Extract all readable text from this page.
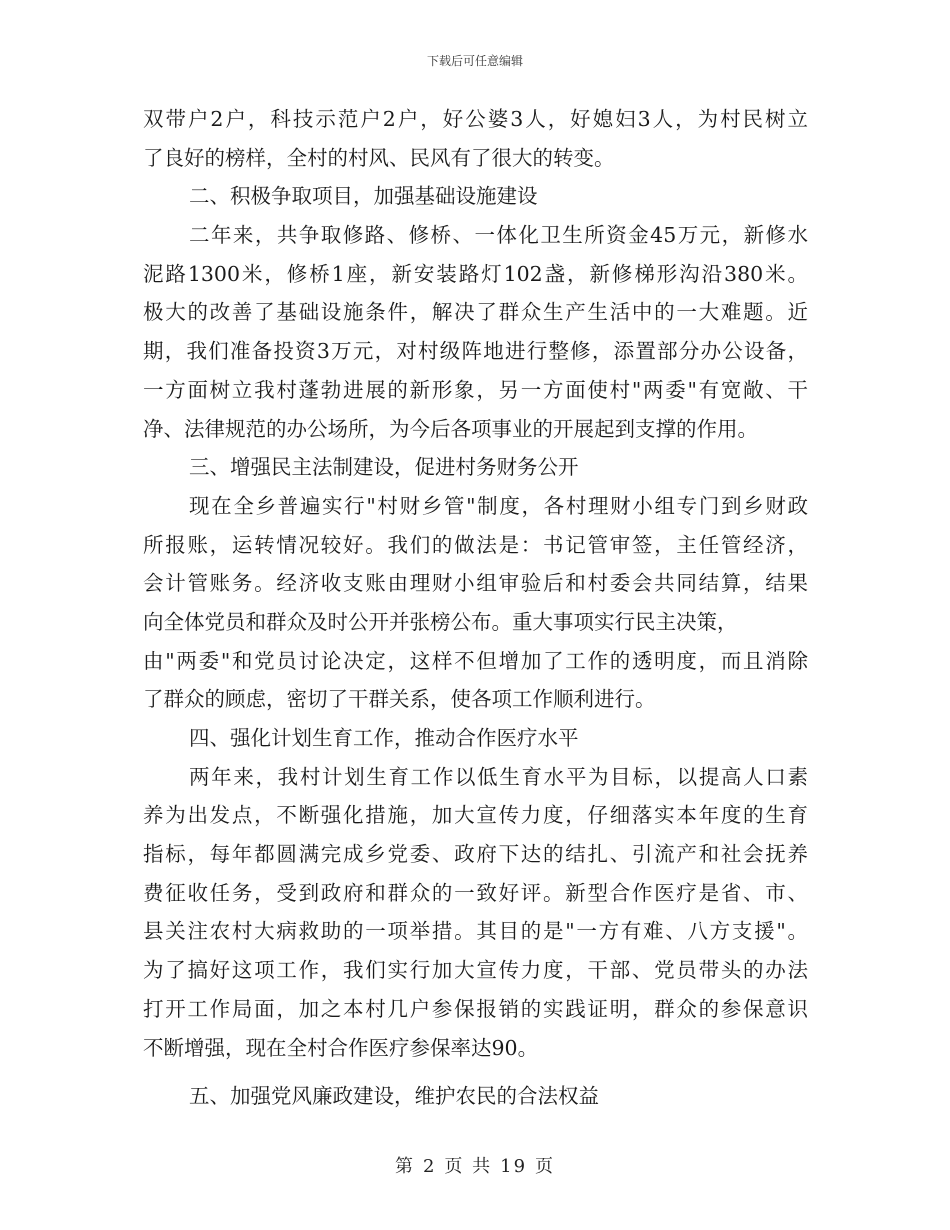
下载后可任意编辑
双带户2户，科技示范户2户，好公婆3人，好媳妇3人，为村民树立
了良好的榜样，全村的村风、民风有了很大的转变。
二、积极争取项目，加强基础设施建设
二年来，共争取修路、修桥、一体化卫生所资金45万元，新修水
泥路1300米，修桥1座，新安装路灯102盏，新修梯形沟沿380米。
极大的改善了基础设施条件，解决了群众生产生活中的一大难题。近
期，我们准备投资3万元，对村级阵地进行整修，添置部分办公设备，
一方面树立我村蓬勃进展的新形象，另一方面使村"两委"有宽敞、干
净、法律规范的办公场所，为今后各项事业的开展起到支撑的作用。
三、增强民主法制建设，促进村务财务公开
现在全乡普遍实行"村财乡管"制度，各村理财小组专门到乡财政
所报账，运转情况较好。我们的做法是：书记管审签，主任管经济，
会计管账务。经济收支账由理财小组审验后和村委会共同结算，结果
向全体党员和群众及时公开并张榜公布。重大事项实行民主决策，
由"两委"和党员讨论决定，这样不但增加了工作的透明度，而且消除
了群众的顾虑，密切了干群关系，使各项工作顺利进行。
四、强化计划生育工作，推动合作医疗水平
两年来，我村计划生育工作以低生育水平为目标，以提高人口素
养为出发点，不断强化措施，加大宣传力度，仔细落实本年度的生育
指标，每年都圆满完成乡党委、政府下达的结扎、引流产和社会抚养
费征收任务，受到政府和群众的一致好评。新型合作医疗是省、市、
县关注农村大病救助的一项举措。其目的是"一方有难、八方支援"。
为了搞好这项工作，我们实行加大宣传力度，干部、党员带头的办法
打开工作局面，加之本村几户参保报销的实践证明，群众的参保意识
不断增强，现在全村合作医疗参保率达90。
五、加强党风廉政建设，维护农民的合法权益
第 2 页 共 19 页
